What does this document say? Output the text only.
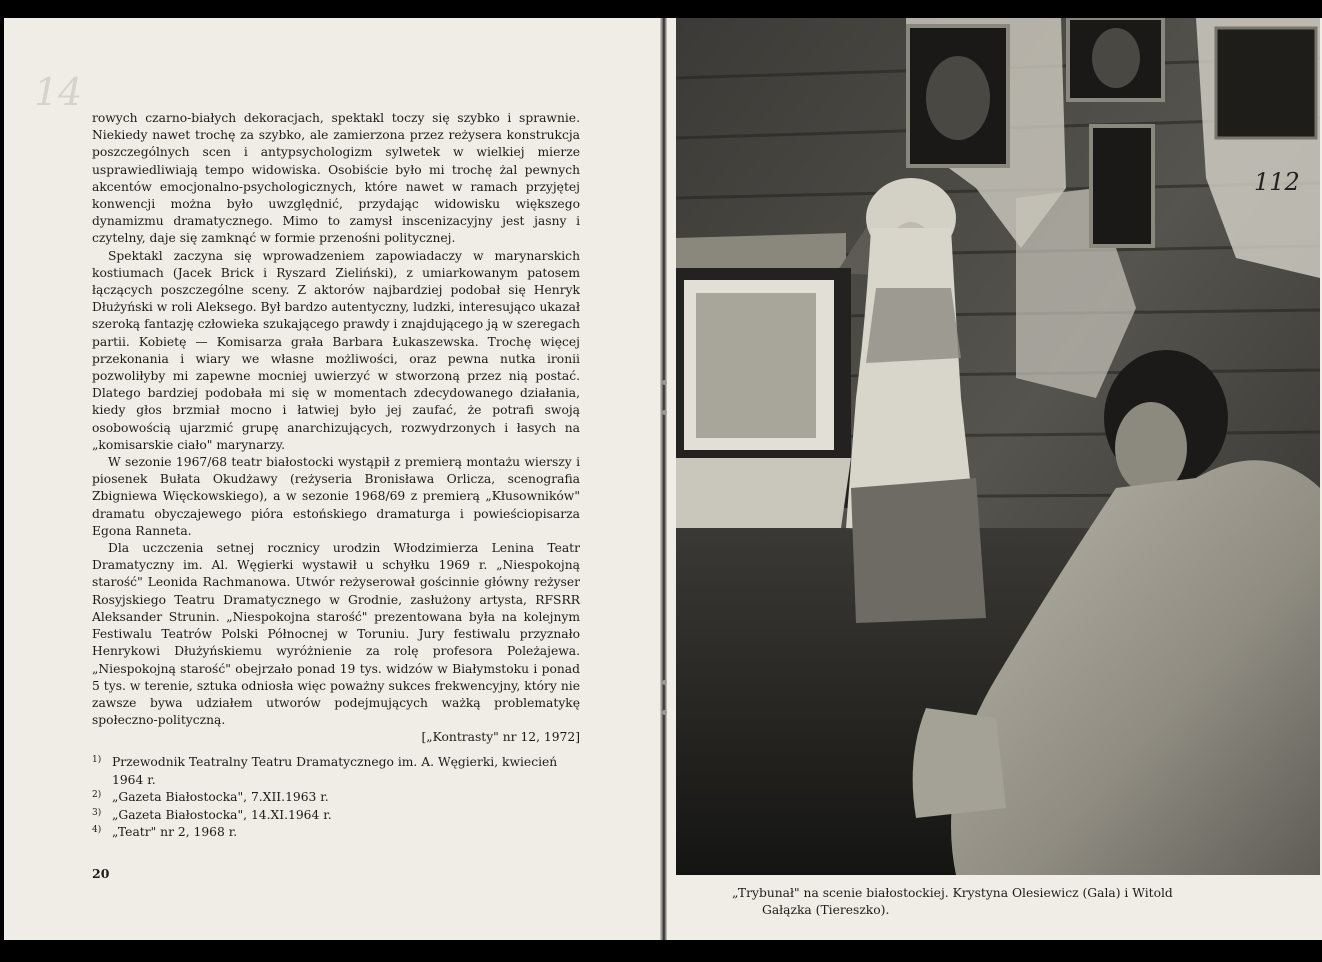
14

rowych czarno-białych dekoracjach, spektakl toczy się szybko i sprawnie. Niekiedy nawet trochę za szybko, ale zamierzona przez reżysera konstrukcja poszczególnych scen i antypsychologizm sylwetek w wielkiej mierze usprawiedliwiają tempo widowiska. Osobiście było mi trochę żal pewnych akcentów emocjonalno-psychologicznych, które nawet w ramach przyjętej konwencji można było uwzględnić, przydając widowisku większego dynamizmu dramatycznego. Mimo to zamysł inscenizacyjny jest jasny i czytelny, daje się zamknąć w formie przenośni politycznej.

Spektakl zaczyna się wprowadzeniem zapowiadaczy w marynarskich kostiumach (Jacek Brick i Ryszard Zieliński), z umiarkowanym patosem łączących poszczególne sceny. Z aktorów najbardziej podobał się Henryk Dłużyński w roli Aleksego. Był bardzo autentyczny, ludzki, interesująco ukazał szeroką fantazję człowieka szukającego prawdy i znajdującego ją w szeregach partii. Kobietę — Komisarza grała Barbara Łukaszewska. Trochę więcej przekonania i wiary we własne możliwości, oraz pewna nutka ironii pozwoliłyby mi zapewne mocniej uwierzyć w stworzoną przez nią postać. Dlatego bardziej podobała mi się w momentach zdecydowanego działania, kiedy głos brzmiał mocno i łatwiej było jej zaufać, że potrafi swoją osobowością ujarzmić grupę anarchizujących, rozwydrzonych i łasych na „komisarskie ciało" marynarzy.

W sezonie 1967/68 teatr białostocki wystąpił z premierą montażu wierszy i piosenek Bułata Okudżawy (reżyseria Bronisława Orlicza, scenografia Zbigniewa Więckowskiego), a w sezonie 1968/69 z premierą „Kłusowników" dramatu obyczajewego pióra estońskiego dramaturga i powieściopisarza Egona Ranneta.

Dla uczczenia setnej rocznicy urodzin Włodzimierza Lenina Teatr Dramatyczny im. Al. Węgierki wystawił u schyłku 1969 r. „Niespokojną starość" Leonida Rachmanowa. Utwór reżyserował gościnnie główny reżyser Rosyjskiego Teatru Dramatycznego w Grodnie, zasłużony artysta, RFSRR Aleksander Strunin. „Niespokojna starość" prezentowana była na kolejnym Festiwalu Teatrów Polski Północnej w Toruniu. Jury festiwalu przyznało Henrykowi Dłużyńskiemu wyróżnienie za rolę profesora Poleżajewa. „Niespokojną starość" obejrzało ponad 19 tys. widzów w Białymstoku i ponad 5 tys. w terenie, sztuka odniosła więc poważny sukces frekwencyjny, który nie zawsze bywa udziałem utworów podejmujących ważką problematykę społeczno-polityczną.

[„Kontrasty" nr 12, 1972]

1) Przewodnik Teatralny Teatru Dramatycznego im. A. Węgierki, kwiecień 1964 r.
2) „Gazeta Białostocka", 7.XII.1963 r.
3) „Gazeta Białostocka", 14.XI.1964 r.
4) „Teatr" nr 2, 1968 r.
20
112
„Trybunał" na scenie białostockiej. Krystyna Olesiewicz (Gala) i Witold
Gałązka (Tiereszko).
